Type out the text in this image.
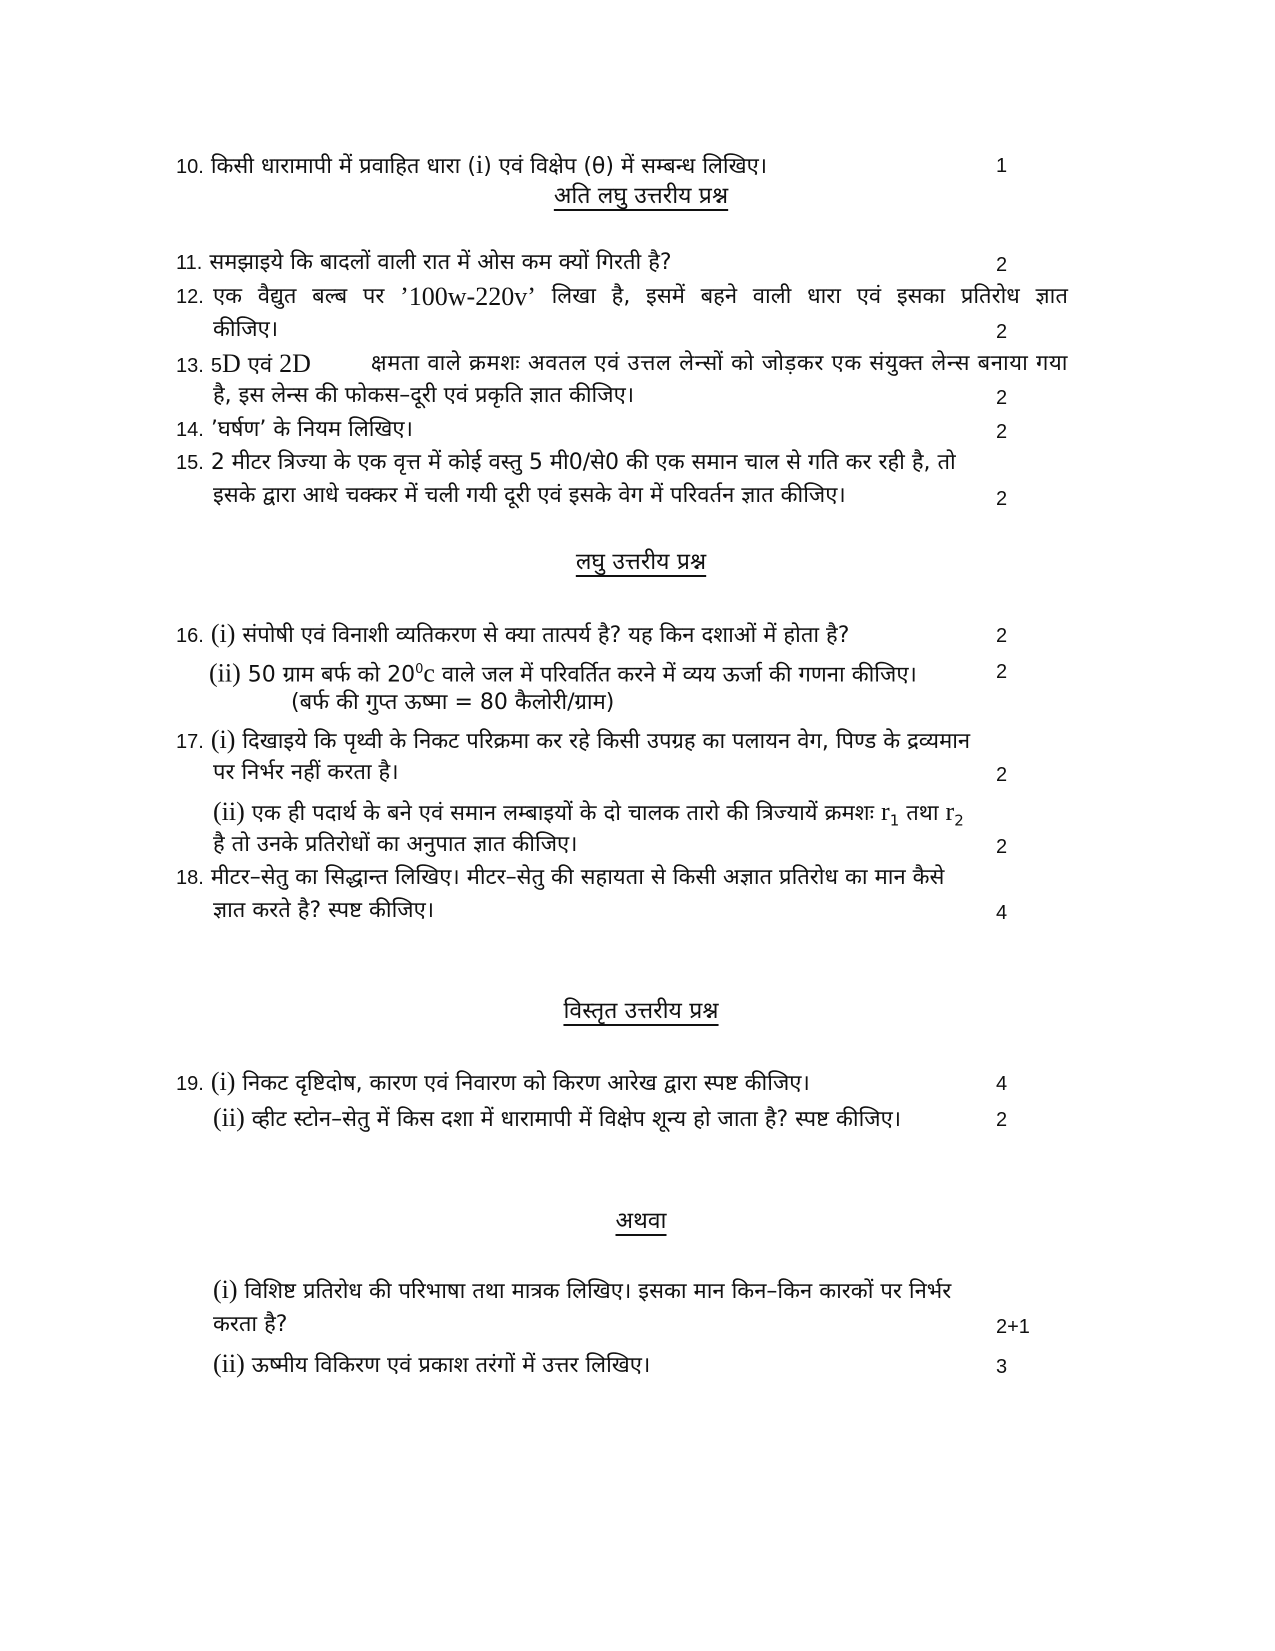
10. किसी धारामापी में प्रवाहित धारा (i) एवं विक्षेप (θ) में सम्बन्ध लिखिए।	1
अति लघु उत्तरीय प्रश्न
11. समझाइये कि बादलों वाली रात में ओस कम क्यों गिरती है?	2
12. एक वैद्युत बल्ब पर ’100w-220v’ लिखा है, इसमें बहने वाली धारा एवं इसका प्रतिरोध ज्ञात
कीजिए।	2
13. 5D एवं 2D	क्षमता वाले क्रमशः अवतल एवं उत्तल लेन्सों को जोड़कर एक संयुक्त लेन्स बनाया गया
है, इस लेन्स की फोकस–दूरी एवं प्रकृति ज्ञात कीजिए।	2
14. ’घर्षण’ के नियम लिखिए।	2
15. 2 मीटर त्रिज्या के एक वृत्त में कोई वस्तु 5 मी0/से0 की एक समान चाल से गति कर रही है, तो
इसके द्वारा आधे चक्कर में चली गयी दूरी एवं इसके वेग में परिवर्तन ज्ञात कीजिए।	2
लघु उत्तरीय प्रश्न
16. (i) संपोषी एवं विनाशी व्यतिकरण से क्या तात्पर्य है? यह किन दशाओं में होता है?	2
(ii) 50 ग्राम बर्फ को $20^0c$ वाले जल में परिवर्तित करने में व्यय ऊर्जा की गणना कीजिए।	2
(बर्फ की गुप्त ऊष्मा = 80 कैलोरी/ग्राम)
17. (i) दिखाइये कि पृथ्वी के निकट परिक्रमा कर रहे किसी उपग्रह का पलायन वेग, पिण्ड के द्रव्यमान
पर निर्भर नहीं करता है।	2
(ii) एक ही पदार्थ के बने एवं समान लम्बाइयों के दो चालक तारो की त्रिज्यायें क्रमशः $r_1$ तथा $r_2$
है तो उनके प्रतिरोधों का अनुपात ज्ञात कीजिए।	2
18. मीटर–सेतु का सिद्धान्त लिखिए। मीटर–सेतु की सहायता से किसी अज्ञात प्रतिरोध का मान कैसे
ज्ञात करते है? स्पष्ट कीजिए।	4
विस्तृत उत्तरीय प्रश्न
19. (i) निकट दृष्टिदोष, कारण एवं निवारण को किरण आरेख द्वारा स्पष्ट कीजिए।	4
(ii) व्हीट स्टोन–सेतु में किस दशा में धारामापी में विक्षेप शून्य हो जाता है? स्पष्ट कीजिए।	2
अथवा
(i) विशिष्ट प्रतिरोध की परिभाषा तथा मात्रक लिखिए। इसका मान किन–किन कारकों पर निर्भर
करता है?	2+1
(ii) ऊष्मीय विकिरण एवं प्रकाश तरंगों में उत्तर लिखिए।	3
